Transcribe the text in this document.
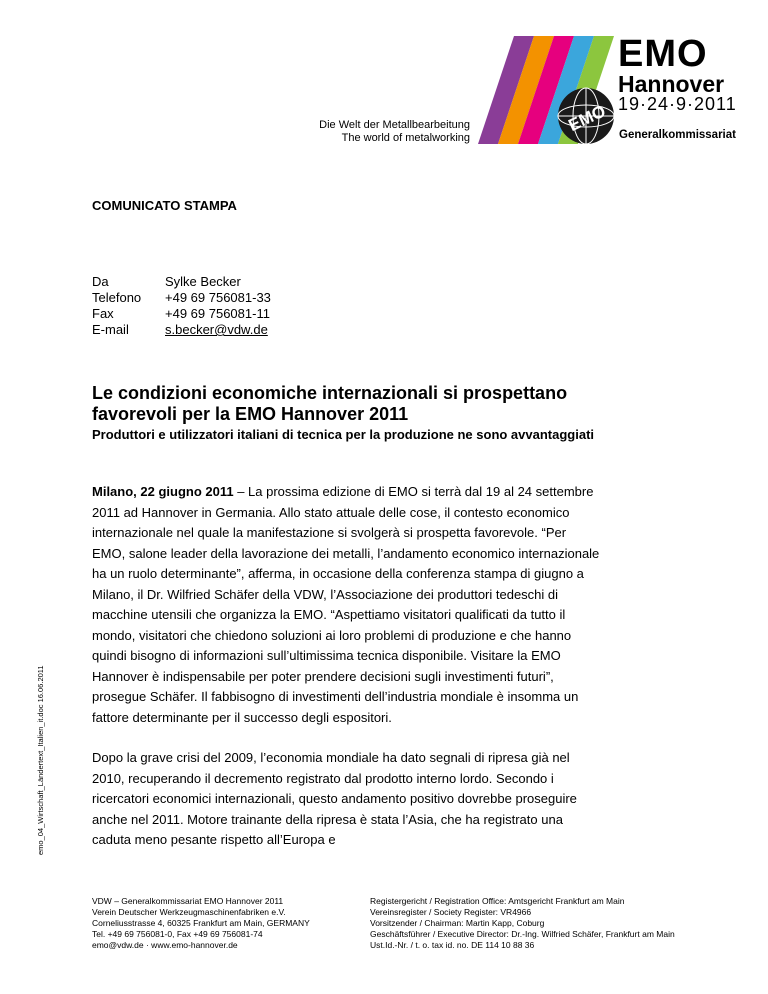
Die Welt der Metallbearbeitung
The world of metalworking
EMO
EMO
Hannover
19·24·9·2011
Generalkommissariat
COMUNICATO STAMPA
Da	Sylke Becker
Telefono	+49 69 756081-33
Fax	+49 69 756081-11
E-mail	s.becker@vdw.de
Le condizioni economiche internazionali si prospettano favorevoli per la EMO Hannover 2011
Produttori e utilizzatori italiani di tecnica per la produzione ne sono avvantaggiati
Milano, 22 giugno 2011 – La prossima edizione di EMO si terrà dal 19 al 24 settembre 2011 ad Hannover in Germania. Allo stato attuale delle cose, il contesto economico internazionale nel quale la manifestazione si svolgerà si prospetta favorevole. “Per EMO, salone leader della lavorazione dei metalli, l’andamento economico internazionale ha un ruolo determinante”, afferma, in occasione della conferenza stampa di giugno a Milano, il Dr. Wilfried Schäfer della VDW, l’Associazione dei produttori tedeschi di macchine utensili che organizza la EMO. “Aspettiamo visitatori qualificati da tutto il mondo, visitatori che chiedono soluzioni ai loro problemi di produzione e che hanno quindi bisogno di informazioni sull’ultimissima tecnica disponibile. Visitare la EMO Hannover è indispensabile per poter prendere decisioni sugli investimenti futuri”, prosegue Schäfer. Il fabbisogno di investimenti dell’industria mondiale è insomma un fattore determinante per il successo degli espositori.
Dopo la grave crisi del 2009, l’economia mondiale ha dato segnali di ripresa già nel 2010, recuperando il decremento registrato dal prodotto interno lordo. Secondo i ricercatori economici internazionali, questo andamento positivo dovrebbe proseguire anche nel 2011. Motore trainante della ripresa è stata l’Asia, che ha registrato una caduta meno pesante rispetto all’Europa e
emo_04_Wirtschaft_Ländertext_Italien_it.doc 16.06.2011
VDW – Generalkommissariat EMO Hannover 2011
Verein Deutscher Werkzeugmaschinenfabriken e.V.
Corneliusstrasse 4, 60325 Frankfurt am Main, GERMANY
Tel. +49 69 756081-0, Fax +49 69 756081-74
emo@vdw.de · www.emo-hannover.de
Registergericht / Registration Office: Amtsgericht Frankfurt am Main
Vereinsregister / Society Register: VR4966
Vorsitzender / Chairman: Martin Kapp, Coburg
Geschäftsführer / Executive Director: Dr.-Ing. Wilfried Schäfer, Frankfurt am Main
Ust.Id.-Nr. / t. o. tax id. no. DE 114 10 88 36
